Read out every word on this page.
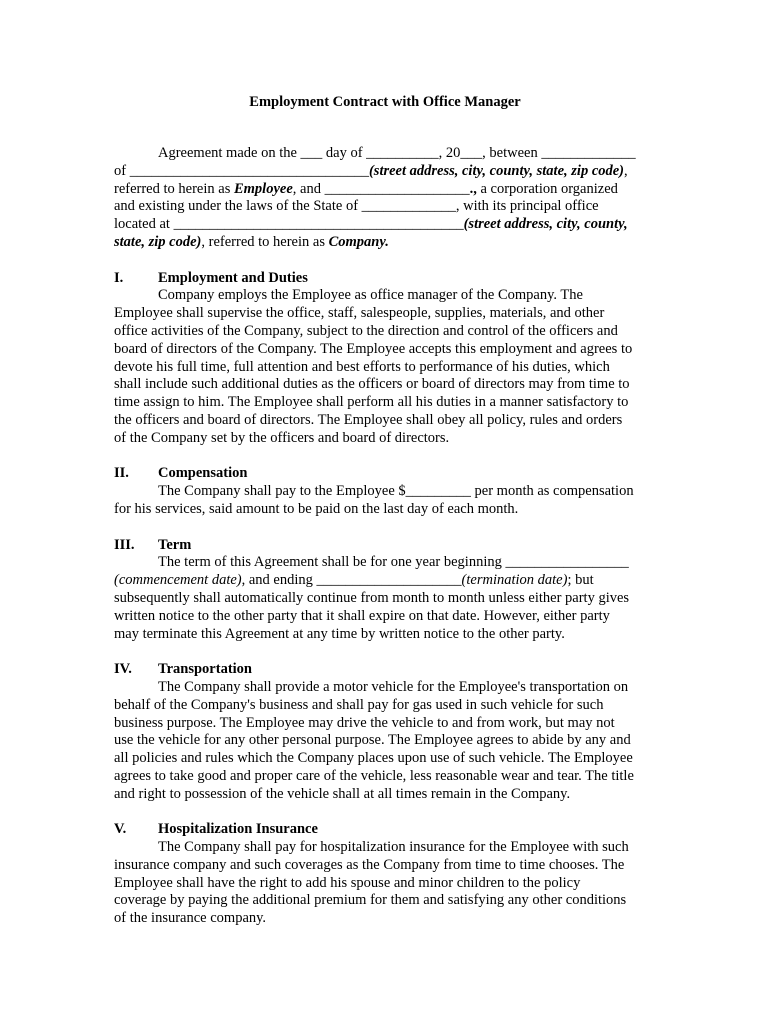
Employment Contract with Office Manager

Agreement made on the ___ day of __________, 20___, between _____________
of _________________________________(street address, city, county, state, zip code),
referred to herein as Employee, and ____________________., a corporation organized
and existing under the laws of the State of _____________, with its principal office
located at ________________________________________(street address, city, county,
state, zip code), referred to herein as Company.

I. Employment and Duties
Company employs the Employee as office manager of the Company. The
Employee shall supervise the office, staff, salespeople, supplies, materials, and other
office activities of the Company, subject to the direction and control of the officers and
board of directors of the Company. The Employee accepts this employment and agrees to
devote his full time, full attention and best efforts to performance of his duties, which
shall include such additional duties as the officers or board of directors may from time to
time assign to him. The Employee shall perform all his duties in a manner satisfactory to
the officers and board of directors. The Employee shall obey all policy, rules and orders
of the Company set by the officers and board of directors.
II. Compensation
The Company shall pay to the Employee $_________ per month as compensation
for his services, said amount to be paid on the last day of each month.
III. Term
The term of this Agreement shall be for one year beginning _________________
(commencement date), and ending ____________________(termination date); but
subsequently shall automatically continue from month to month unless either party gives
written notice to the other party that it shall expire on that date. However, either party
may terminate this Agreement at any time by written notice to the other party.
IV. Transportation
The Company shall provide a motor vehicle for the Employee's transportation on
behalf of the Company's business and shall pay for gas used in such vehicle for such
business purpose. The Employee may drive the vehicle to and from work, but may not
use the vehicle for any other personal purpose. The Employee agrees to abide by any and
all policies and rules which the Company places upon use of such vehicle. The Employee
agrees to take good and proper care of the vehicle, less reasonable wear and tear. The title
and right to possession of the vehicle shall at all times remain in the Company.
V. Hospitalization Insurance
The Company shall pay for hospitalization insurance for the Employee with such
insurance company and such coverages as the Company from time to time chooses. The
Employee shall have the right to add his spouse and minor children to the policy
coverage by paying the additional premium for them and satisfying any other conditions
of the insurance company.
